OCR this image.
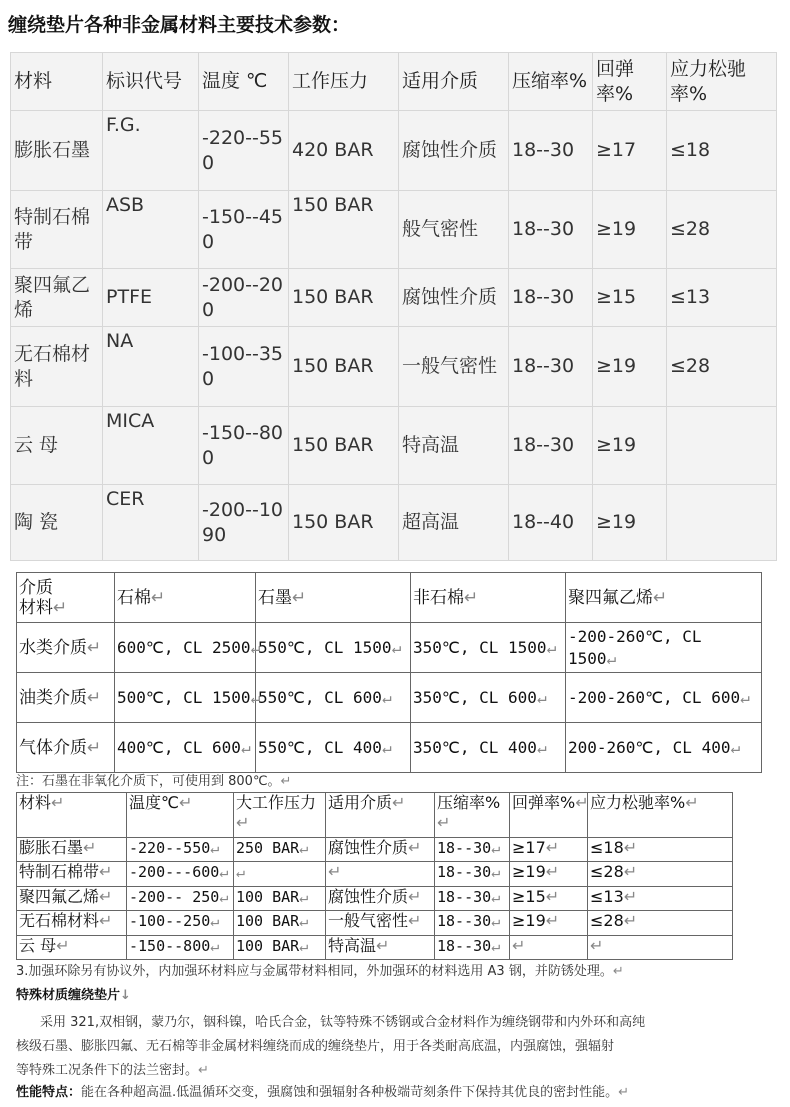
缠绕垫片各种非金属材料主要技术参数：
材料	标识代号	温度 ℃	工作压力	适用介质	压缩率%	回弹率%	应力松驰率%
膨胀石墨	F.G.	-220--550	420 BAR	腐蚀性介质	18--30	≥17	≤18
特制石棉带	ASB	-150--450	150 BAR	般气密性	18--30	≥19	≤28
聚四氟乙烯	PTFE	-200--200	150 BAR	腐蚀性介质	18--30	≥15	≤13
无石棉材料	NA	-100--350	150 BAR	一般气密性	18--30	≥19	≤28
云 母	MICA	-150--800	150 BAR	特高温	18--30	≥19	
陶 瓷	CER	-200--1090	150 BAR	超高温	18--40	≥19	
介质
材料↵	石棉↵	石墨↵	非石棉↵	聚四氟乙烯↵
水类介质↵	600℃, CL 2500↵	550℃, CL 1500↵	350℃, CL 1500↵	-200-260℃, CL 1500↵
油类介质↵	500℃, CL 1500↵	550℃, CL 600↵	350℃, CL 600↵	-200-260℃, CL 600↵
气体介质↵	400℃, CL 600↵	550℃, CL 400↵	350℃, CL 400↵	200-260℃, CL 400↵
注：石墨在非氧化介质下，可使用到 800℃。↵
材料↵	温度℃↵	大工作压力↵	适用介质↵	压缩率%↵	回弹率%↵	应力松驰率%↵
膨胀石墨↵	-220--550↵	250 BAR↵	腐蚀性介质↵	18--30↵	≥17↵	≤18↵
特制石棉带↵	-200---600↵	↵	↵	18--30↵	≥19↵	≤28↵
聚四氟乙烯↵	-200-- 250↵	100 BAR↵	腐蚀性介质↵	18--30↵	≥15↵	≤13↵
无石棉材料↵	-100--250↵	100 BAR↵	一般气密性↵	18--30↵	≥19↵	≤28↵
云 母↵	-150--800↵	100 BAR↵	特高温↵	18--30↵	↵	↵
3.加强环除另有协议外，内加强环材料应与金属带材料相同，外加强环的材料选用 A3 钢，并防锈处理。↵
特殊材质缠绕垫片↓
采用 321,双相钢，蒙乃尔，铟科镍，哈氏合金，钛等特殊不锈钢或合金材料作为缠绕钢带和内外环和高纯
核级石墨、膨胀四氟、无石棉等非金属材料缠绕而成的缠绕垫片，用于各类耐高底温，内强腐蚀，强辐射
等特殊工况条件下的法兰密封。↵
性能特点：能在各种超高温.低温循环交变，强腐蚀和强辐射各种极端苛刻条件下保持其优良的密封性能。↵
